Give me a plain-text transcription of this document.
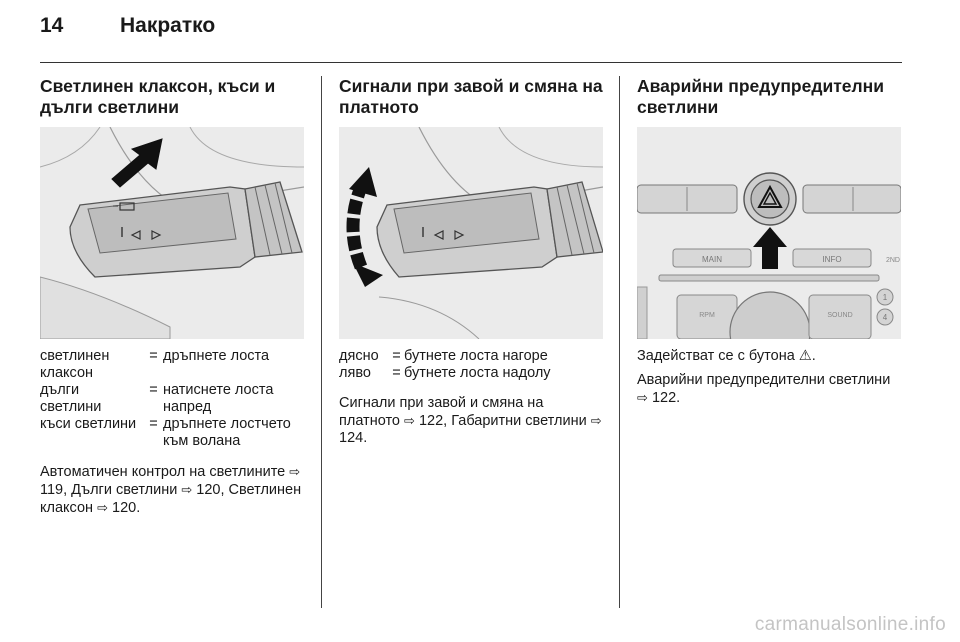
14	Накратко
Светлинен клаксон, къси и дълги светлини
светлинен клаксон
= дръпнете лоста
дълги светлини
= натиснете лоста напред
къси светлини = дръпнете лостчето към волана

Автоматичен контрол на светлините ⇨ 119, Дълги светлини ⇨ 120, Светлинен клаксон ⇨ 120.

Сигнали при завой и смяна на платното
дясно = бутнете лоста нагоре
ляво	= бутнете лоста надолу

Сигнали при завой и смяна на платното ⇨ 122, Габаритни светлини ⇨ 124.

Аварийни предупредителни светлини
MAIN	INFO	2ND
RPM	SOUND
1
4

Задействат се с бутона ⚠.

Аварийни предупредителни светлини ⇨ 122.

carmanualsonline.info
